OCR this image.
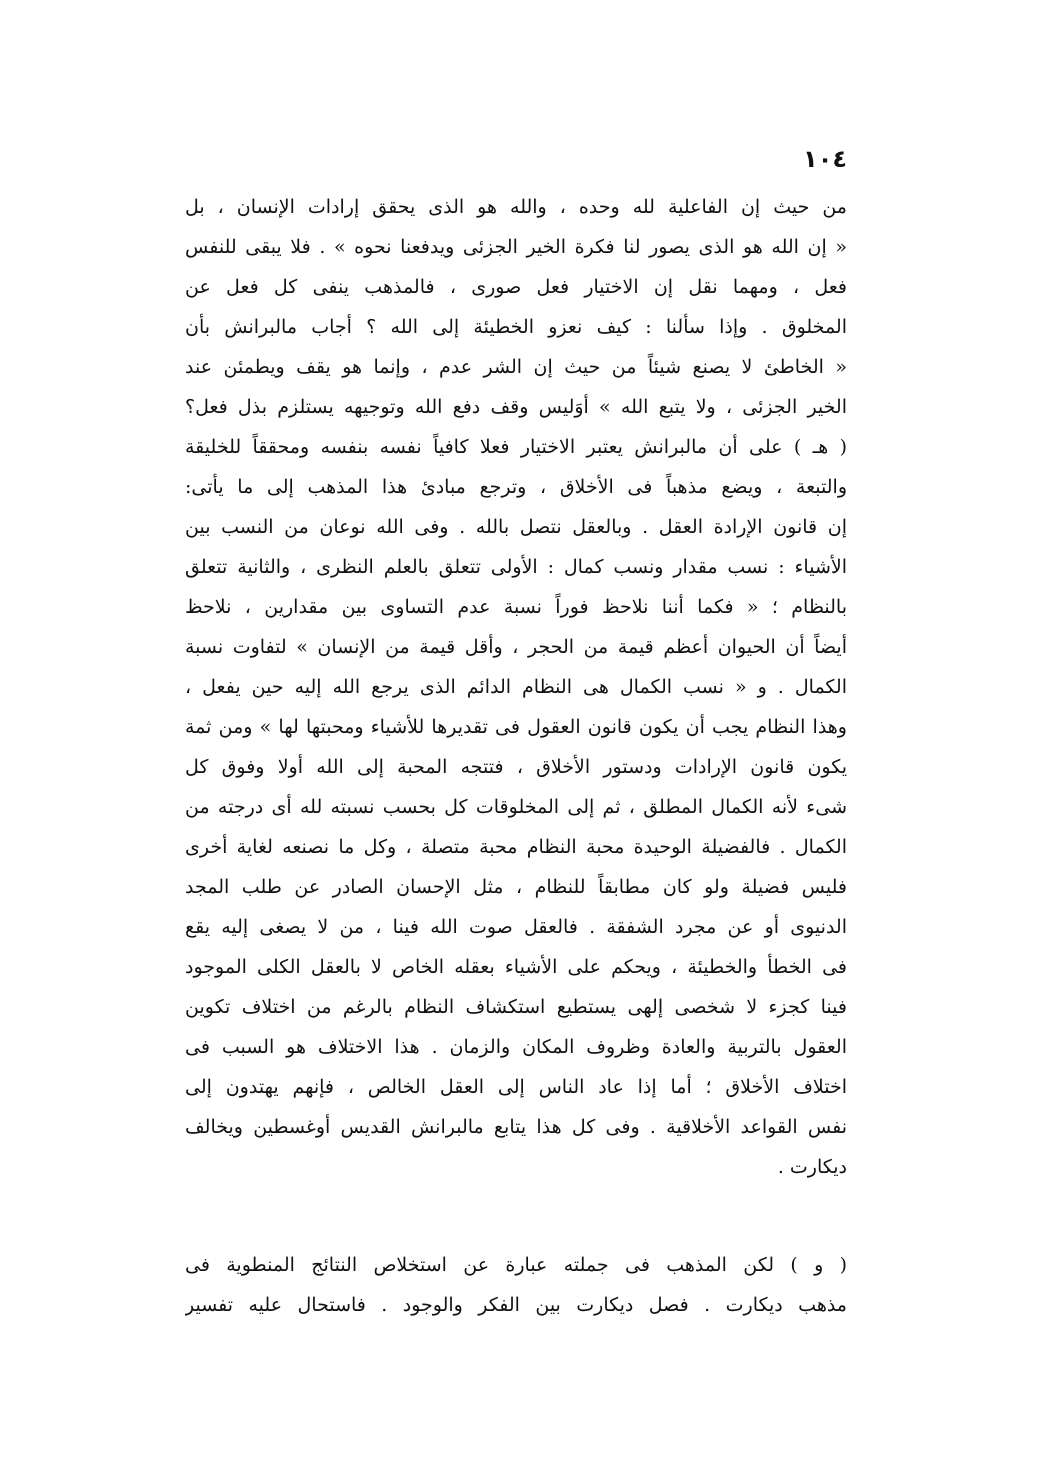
١٠٤
من حيث إن الفاعلية لله وحده ، والله هو الذى يحقق إرادات الإنسان ، بل
« إن الله هو الذى يصور لنا فكرة الخير الجزئى ويدفعنا نحوه » . فلا يبقى للنفس
فعل ، ومهما نقل إن الاختيار فعل صورى ، فالمذهب ينفى كل فعل عن
المخلوق . وإذا سألنا : كيف نعزو الخطيئة إلى الله ؟ أجاب مالبرانش بأن
« الخاطئ لا يصنع شيئاً من حيث إن الشر عدم ، وإنما هو يقف ويطمئن عند
الخير الجزئى ، ولا يتبع الله » أوَليس وقف دفع الله وتوجيهه يستلزم بذل فعل؟
( هـ ) على أن مالبرانش يعتبر الاختيار فعلا كافياً نفسه بنفسه ومحققاً للخليقة
والتبعة ، ويضع مذهباً فى الأخلاق ، وترجع مبادئ هذا المذهب إلى ما يأتى:
إن قانون الإرادة العقل . وبالعقل نتصل بالله . وفى الله نوعان من النسب بين
الأشياء : نسب مقدار ونسب كمال : الأولى تتعلق بالعلم النظرى ، والثانية تتعلق
بالنظام ؛ « فكما أننا نلاحظ فوراً نسبة عدم التساوى بين مقدارين ، نلاحظ
أيضاً أن الحيوان أعظم قيمة من الحجر ، وأقل قيمة من الإنسان » لتفاوت نسبة
الكمال . و « نسب الكمال هى النظام الدائم الذى يرجع الله إليه حين يفعل ،
وهذا النظام يجب أن يكون قانون العقول فى تقديرها للأشياء ومحبتها لها » ومن ثمة
يكون قانون الإرادات ودستور الأخلاق ، فتتجه المحبة إلى الله أولا وفوق كل
شىء لأنه الكمال المطلق ، ثم إلى المخلوقات كل بحسب نسبته لله أى درجته من
الكمال . فالفضيلة الوحيدة محبة النظام محبة متصلة ، وكل ما نصنعه لغاية أخرى
فليس فضيلة ولو كان مطابقاً للنظام ، مثل الإحسان الصادر عن طلب المجد
الدنيوى أو عن مجرد الشفقة . فالعقل صوت الله فينا ، من لا يصغى إليه يقع
فى الخطأ والخطيئة ، ويحكم على الأشياء بعقله الخاص لا بالعقل الكلى الموجود
فينا كجزء لا شخصى إلهى يستطيع استكشاف النظام بالرغم من اختلاف تكوين
العقول بالتربية والعادة وظروف المكان والزمان . هذا الاختلاف هو السبب فى
اختلاف الأخلاق ؛ أما إذا عاد الناس إلى العقل الخالص ، فإنهم يهتدون إلى
نفس القواعد الأخلاقية . وفى كل هذا يتابع مالبرانش القديس أوغسطين ويخالف
ديكارت .
( و ) لكن المذهب فى جملته عبارة عن استخلاص النتائج المنطوية فى
مذهب ديكارت . فصل ديكارت بين الفكر والوجود . فاستحال عليه تفسير
